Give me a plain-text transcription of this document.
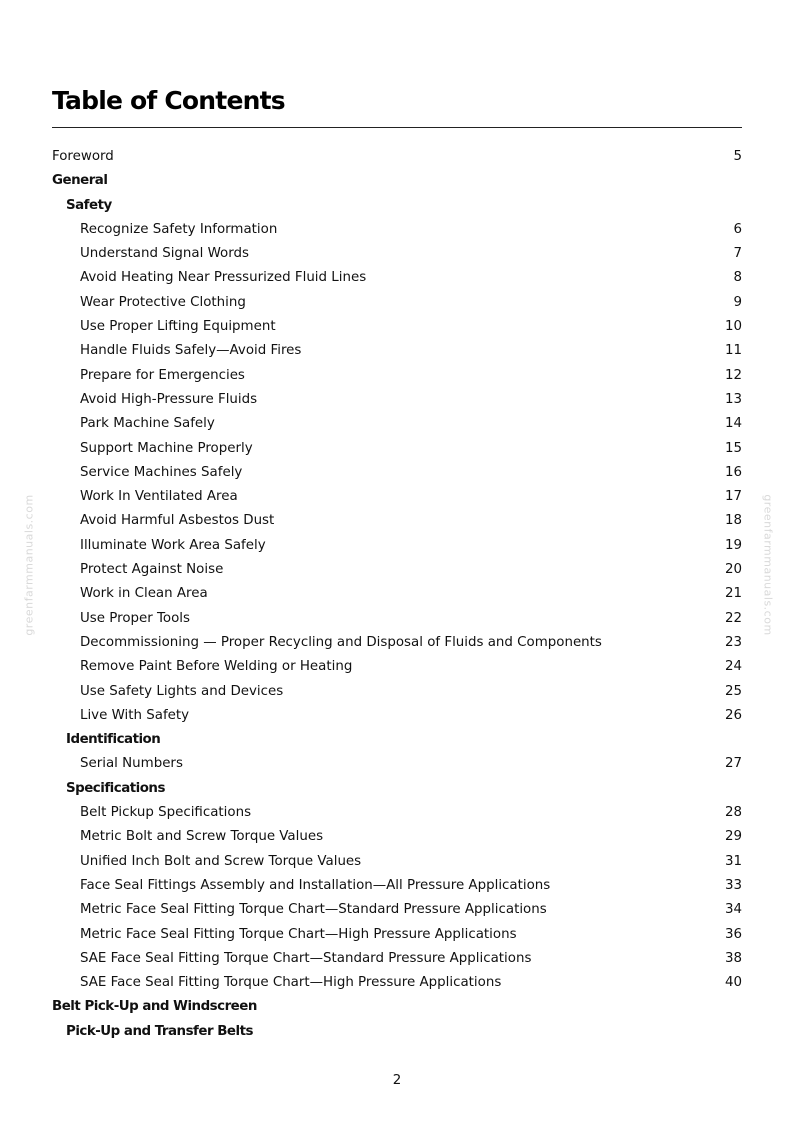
Table of Contents
Foreword	5
General
Safety
Recognize Safety Information	6
Understand Signal Words	7
Avoid Heating Near Pressurized Fluid Lines	8
Wear Protective Clothing	9
Use Proper Lifting Equipment	10
Handle Fluids Safely—Avoid Fires	11
Prepare for Emergencies	12
Avoid High-Pressure Fluids	13
Park Machine Safely	14
Support Machine Properly	15
Service Machines Safely	16
Work In Ventilated Area	17
Avoid Harmful Asbestos Dust	18
Illuminate Work Area Safely	19
Protect Against Noise	20
Work in Clean Area	21
Use Proper Tools	22
Decommissioning — Proper Recycling and Disposal of Fluids and Components	23
Remove Paint Before Welding or Heating	24
Use Safety Lights and Devices	25
Live With Safety	26
Identification
Serial Numbers	27
Specifications
Belt Pickup Specifications	28
Metric Bolt and Screw Torque Values	29
Unified Inch Bolt and Screw Torque Values	31
Face Seal Fittings Assembly and Installation—All Pressure Applications	33
Metric Face Seal Fitting Torque Chart—Standard Pressure Applications	34
Metric Face Seal Fitting Torque Chart—High Pressure Applications	36
SAE Face Seal Fitting Torque Chart—Standard Pressure Applications	38
SAE Face Seal Fitting Torque Chart—High Pressure Applications	40
Belt Pick-Up and Windscreen
Pick-Up and Transfer Belts
2
greenfarmmanuals.com	greenfarmmanuals.com
